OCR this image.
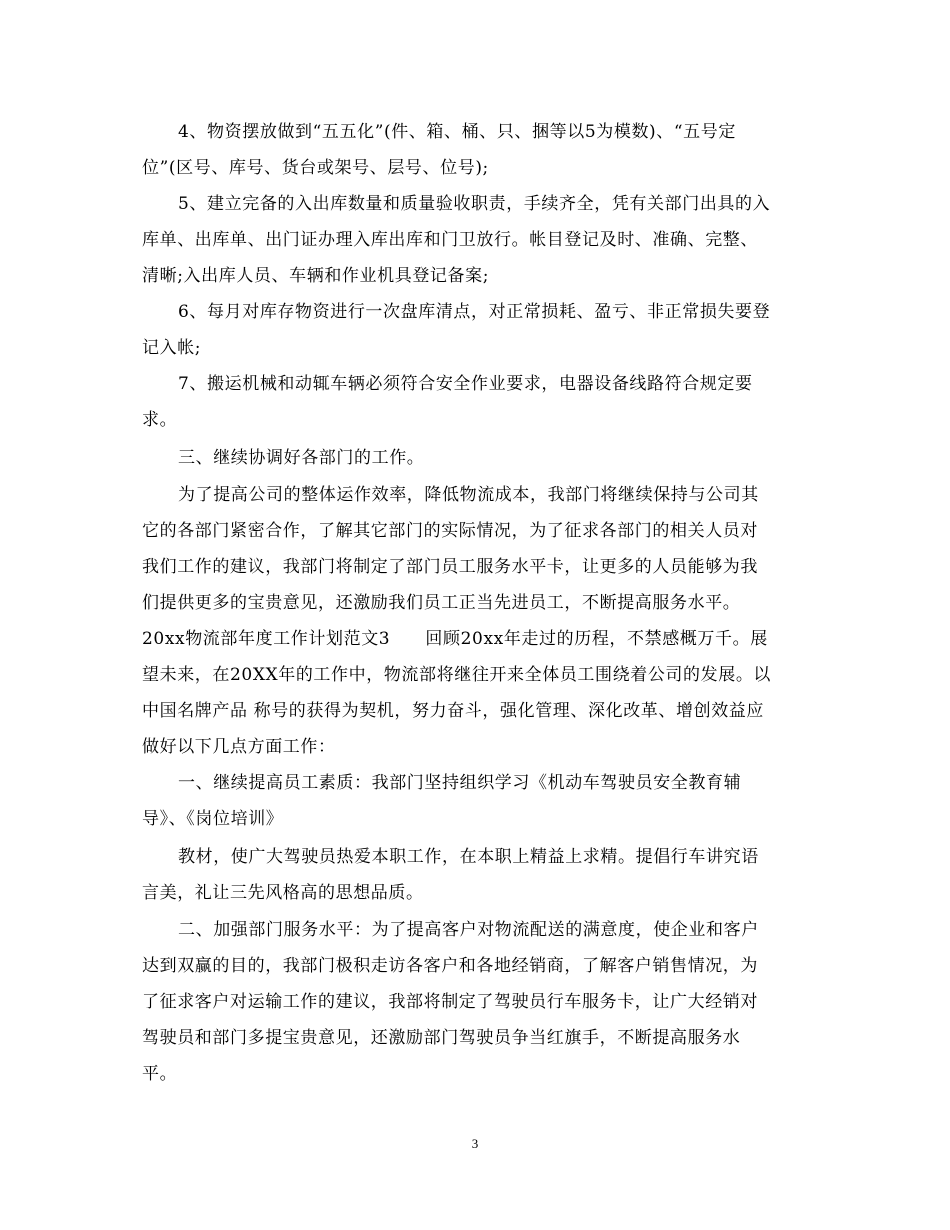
4、物资摆放做到“五五化”(件、箱、桶、只、捆等以5为模数)、“五号定
位”(区号、库号、货台或架号、层号、位号);
5、建立完备的入出库数量和质量验收职责，手续齐全，凭有关部门出具的入
库单、出库单、出门证办理入库出库和门卫放行。帐目登记及时、准确、完整、
清晰;入出库人员、车辆和作业机具登记备案;
6、每月对库存物资进行一次盘库清点，对正常损耗、盈亏、非正常损失要登
记入帐;
7、搬运机械和动辄车辆必须符合安全作业要求，电器设备线路符合规定要
求。
三、继续协调好各部门的工作。
为了提高公司的整体运作效率，降低物流成本，我部门将继续保持与公司其
它的各部门紧密合作，了解其它部门的实际情况，为了征求各部门的相关人员对
我们工作的建议，我部门将制定了部门员工服务水平卡，让更多的人员能够为我
们提供更多的宝贵意见，还激励我们员工正当先进员工，不断提高服务水平。
20xx物流部年度工作计划范文3　　回顾20xx年走过的历程，不禁感概万千。展
望未来，在20XX年的工作中，物流部将继往开来全体员工围绕着公司的发展。以
中国名牌产品 称号的获得为契机，努力奋斗，强化管理、深化改革、增创效益应
做好以下几点方面工作：
一、继续提高员工素质：我部门坚持组织学习《机动车驾驶员安全教育辅
导》、《岗位培训》
教材，使广大驾驶员热爱本职工作，在本职上精益上求精。提倡行车讲究语
言美，礼让三先风格高的思想品质。
二、加强部门服务水平：为了提高客户对物流配送的满意度，使企业和客户
达到双赢的目的，我部门极积走访各客户和各地经销商，了解客户销售情况，为
了征求客户对运输工作的建议，我部将制定了驾驶员行车服务卡，让广大经销对
驾驶员和部门多提宝贵意见，还激励部门驾驶员争当红旗手，不断提高服务水
平。
3
